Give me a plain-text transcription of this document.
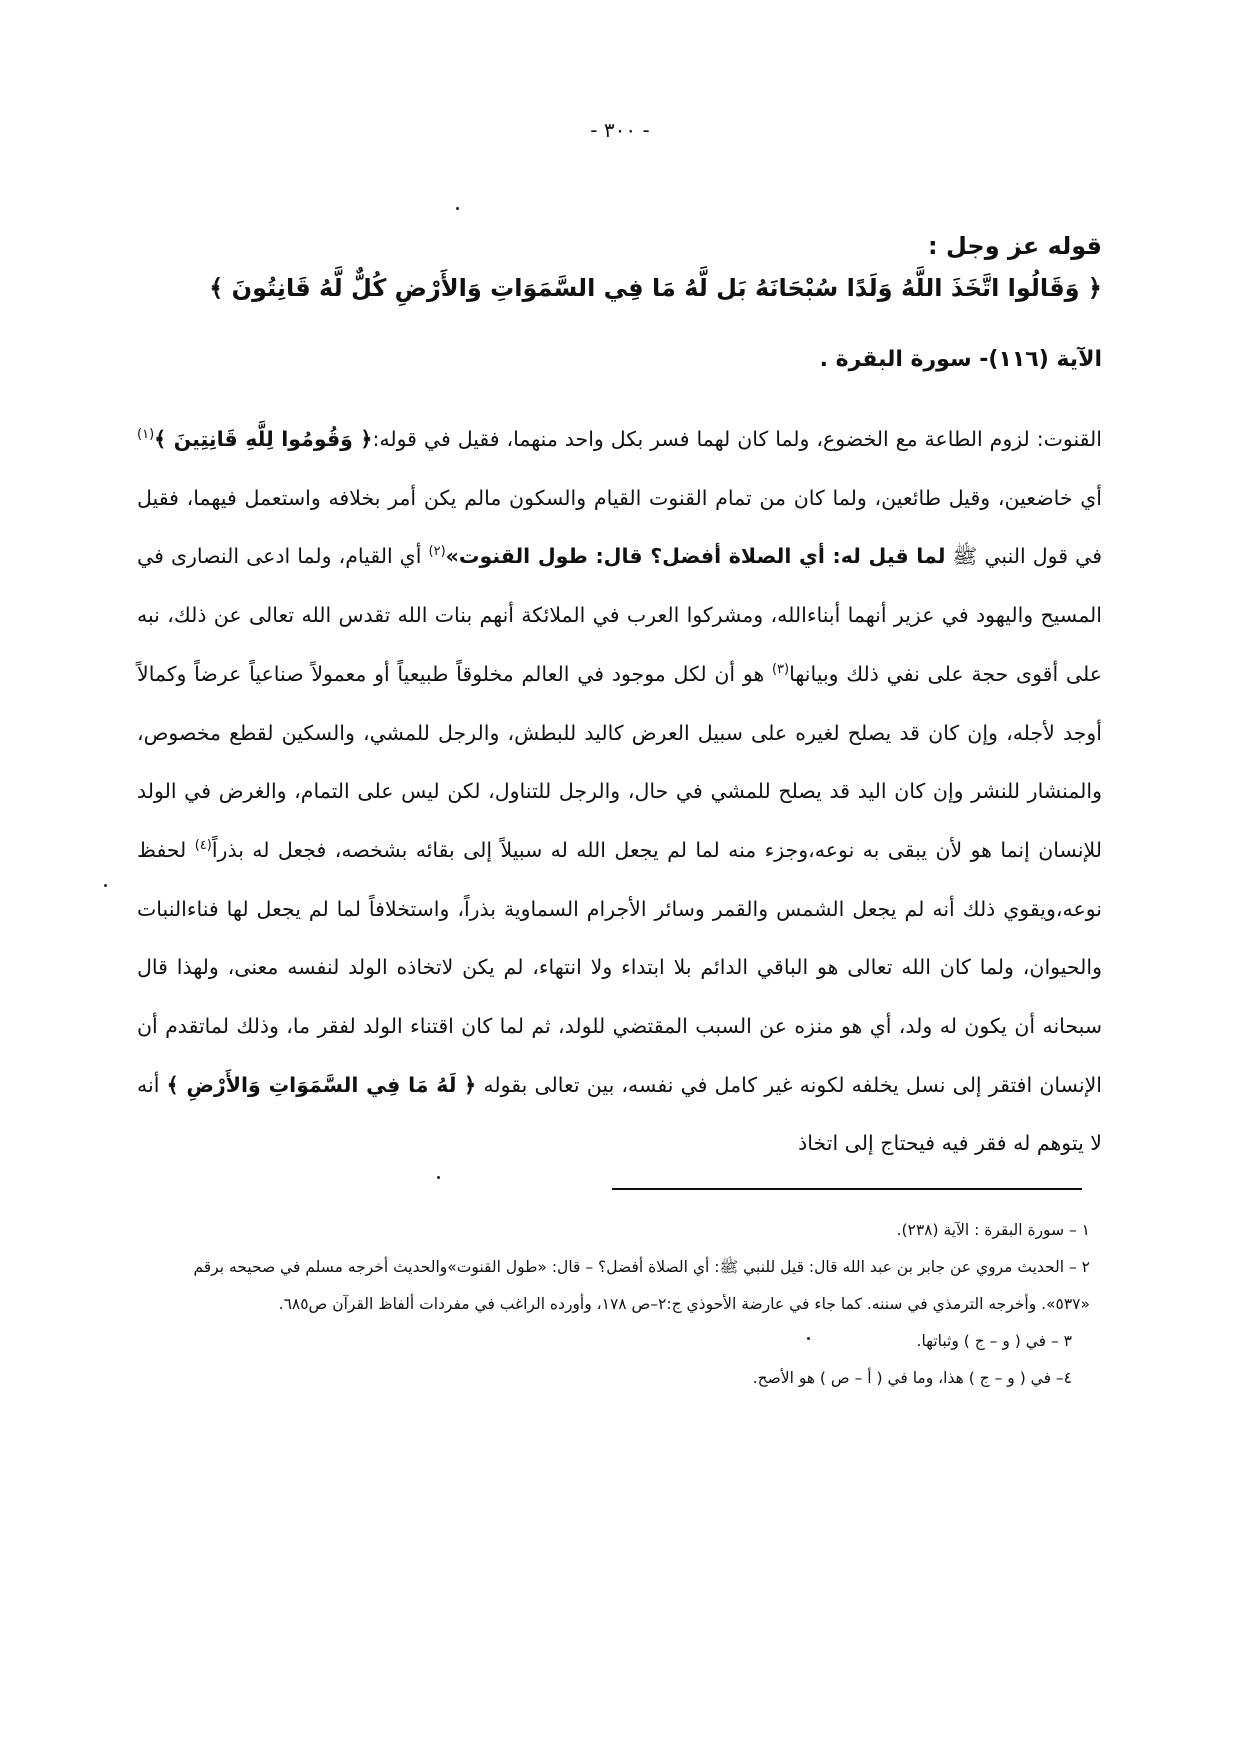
- ٣٠٠ -

قوله عز وجل :

﴿ وَقَالُوا اتَّخَذَ اللَّهُ وَلَدًا سُبْحَانَهُ بَل لَّهُ مَا فِي السَّمَوَاتِ وَالأَرْضِ كُلٌّ لَّهُ قَانِتُونَ ﴾

الآية (١١٦)- سورة البقرة .

القنوت: لزوم الطاعة مع الخضوع، ولما كان لهما فسر بكل واحد منهما، فقيل في قوله:﴿ وَقُومُوا لِلَّهِ قَانِتِينَ ﴾$^{(١)}$ أي خاضعين، وقيل طائعين، ولما كان من تمام القنوت القيام والسكون مالم يكن أمر بخلافه واستعمل فيهما، فقيل في قول النبي ﷺ لما قيل له: أي الصلاة أفضل؟ قال: طول القنوت»$^{(٢)}$ أي القيام، ولما ادعى النصارى في المسيح واليهود في عزير أنهما أبناءالله، ومشركوا العرب في الملائكة أنهم بنات الله تقدس الله تعالى عن ذلك، نبه على أقوى حجة على نفي ذلك وبيانها$^{(٣)}$ هو أن لكل موجود في العالم مخلوقاً طبيعياً أو معمولاً صناعياً عرضاً وكمالاً أوجد لأجله، وإن كان قد يصلح لغيره على سبيل العرض كاليد للبطش، والرجل للمشي، والسكين لقطع مخصوص، والمنشار للنشر وإن كان اليد قد يصلح للمشي في حال، والرجل للتناول، لكن ليس على التمام، والغرض في الولد للإنسان إنما هو لأن يبقى به نوعه،وجزء منه لما لم يجعل الله له سبيلاً إلى بقائه بشخصه، فجعل له بذراً$^{(٤)}$ لحفظ نوعه،ويقوي ذلك أنه لم يجعل الشمس والقمر وسائر الأجرام السماوية بذراً، واستخلافاً لما لم يجعل لها فناءالنبات والحيوان، ولما كان الله تعالى هو الباقي الدائم بلا ابتداء ولا انتهاء، لم يكن لاتخاذه الولد لنفسه معنى، ولهذا قال سبحانه أن يكون له ولد، أي هو منزه عن السبب المقتضي للولد، ثم لما كان اقتناء الولد لفقر ما، وذلك لماتقدم أن الإنسان افتقر إلى نسل يخلفه لكونه غير كامل في نفسه، بين تعالى بقوله ﴿ لَهُ مَا فِي السَّمَوَاتِ وَالأَرْضِ ﴾ أنه لا يتوهم له فقر فيه فيحتاج إلى اتخاذ

١ – سورة البقرة : الآية (٢٣٨).

٢ – الحديث مروي عن جابر بن عبد الله قال: قيل للنبي ﷺ: أي الصلاة أفضل؟ – قال: «طول القنوت»والحديث أخرجه مسلم في صحيحه برقم «٥٣٧». وأخرجه الترمذي في سننه. كما جاء في عارضة الأحوذي ج:٢–ص ١٧٨، وأورده الراغب في مفردات ألفاظ القرآن ص٦٨٥.

٣ – في ( و – ج ) وثباتها.

٤– في ( و – ج ) هذا، وما في ( أ – ص ) هو الأصح.
